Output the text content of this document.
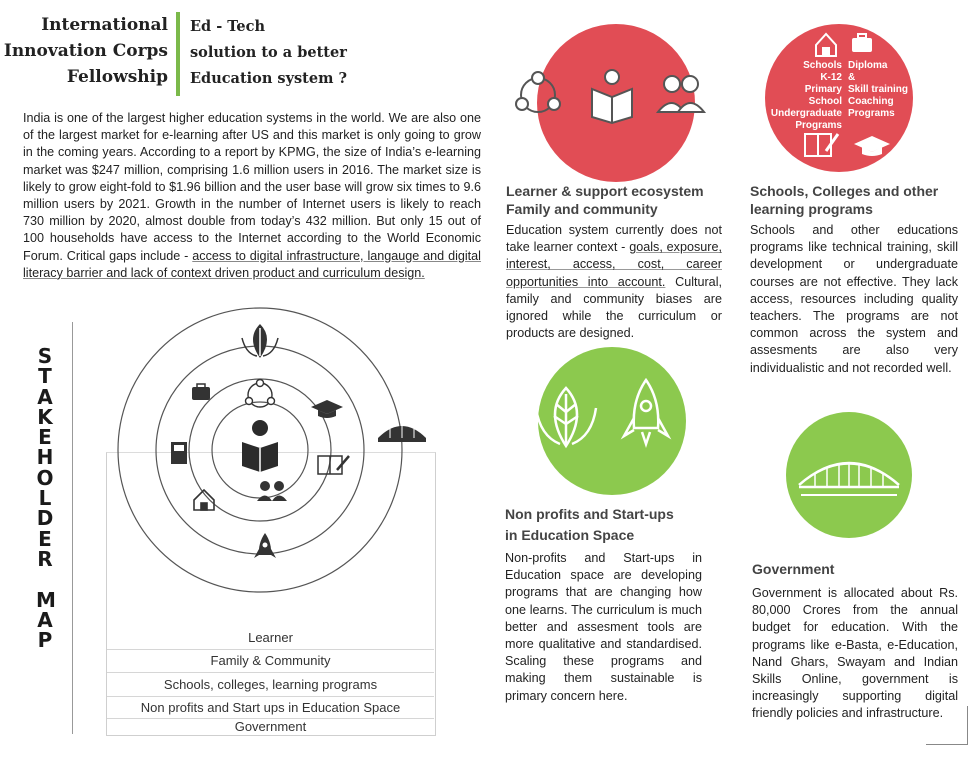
International
Innovation Corps
Fellowship
Ed - Tech
solution to a better
Education system ?
India is one of the largest higher education systems in the world. We are also one of the largest market for e-learning after US and this market is only going to grow in the coming years. According to a report by KPMG, the size of India’s e-learning market was $247 million, comprising 1.6 million users in 2016. The market size is likely to grow eight-fold to $1.96 billion and the user base will grow six times to 9.6 million users by 2021. Growth in the number of Internet users is likely to reach 730 million by 2020, almost double from today’s 432 million. But only 15 out of 100 households have access to the Internet according to the World Economic Forum. Critical gaps include - access to digital infrastructure, langauge and digital literacy barrier and lack of context driven product and curriculum design.
S
T
A
K
E
H
O
L
D
E
R

M
A
P	Learner
Family & Community
Schools, colleges, learning programs
Non profits and Start ups in Education Space
Government
Schools
K-12
Primary School
Undergraduate
Programs
Diploma
&
Skill training
Coaching
Programs
Learner & support ecosystem
Family and community
Education system currently does not take learner context - goals, exposure, interest, access, cost, career opportunities into account. Cultural, family and community biases are ignored while the curriculum or products are designed.
Schools, Colleges and other
learning programs
Schools and other educations programs like technical training, skill development or undergraduate courses are not effective. They lack access, resources including quality teachers. The programs are not common across the system and assesments are also very individualistic and not recorded well.
Non profits and Start-ups
in Education Space
Non-profits and Start-ups in Education space are developing programs that are changing how one learns. The curriculum is much better and assesment tools are more qualitative and standardised. Scaling these programs and making them sustainable is primary concern here.
Government
Government is allocated about Rs. 80,000 Crores from the annual budget for education. With the programs like e-Basta, e-Education, Nand Ghars, Swayam and Indian Skills Online, government is increasingly supporting digital friendly policies and infrastructure.
